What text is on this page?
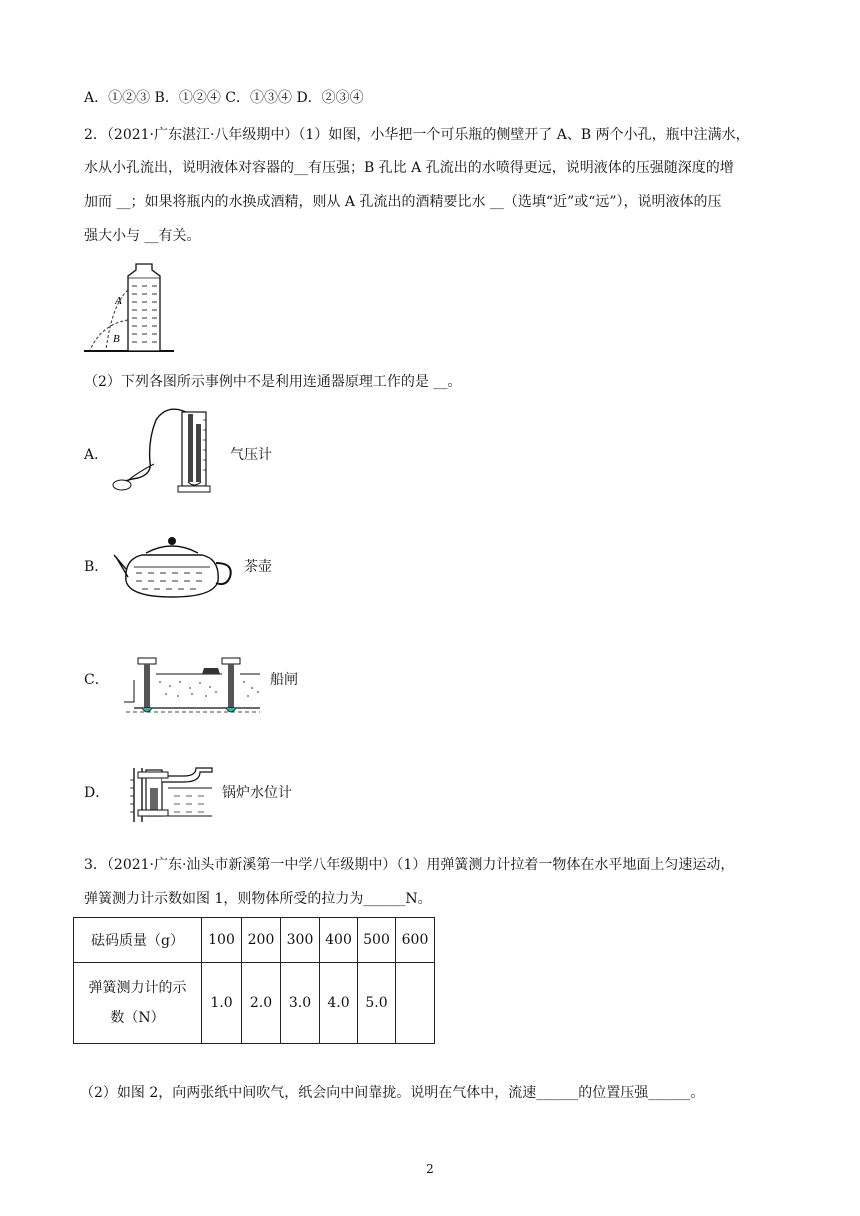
A．①②③ B．①②④ C．①③④ D．②③④
2．（2021·广东湛江·八年级期中）（1）如图，小华把一个可乐瓶的侧壁开了 A、B 两个小孔，瓶中注满水，
水从小孔流出，说明液体对容器的__有压强；B 孔比 A 孔流出的水喷得更远，说明液体的压强随深度的增
加而 __；如果将瓶内的水换成酒精，则从 A 孔流出的酒精要比水 __（选填“近”或“远”），说明液体的压
强大小与 __有关。
A
B
（2）下列各图所示事例中不是利用连通器原理工作的是 __。
A．	气压计
B．	茶壶
C．	船闸
D．	锅炉水位计
3．（2021·广东·汕头市新溪第一中学八年级期中）（1）用弹簧测力计拉着一物体在水平地面上匀速运动，
弹簧测力计示数如图 1，则物体所受的拉力为______N。
砝码质量（g）	100	200	300	400	500	600
弹簧测力计的示
数（N）	1.0	2.0	3.0	4.0	5.0	
（2）如图 2，向两张纸中间吹气，纸会向中间靠拢。说明在气体中，流速______的位置压强______。
2
